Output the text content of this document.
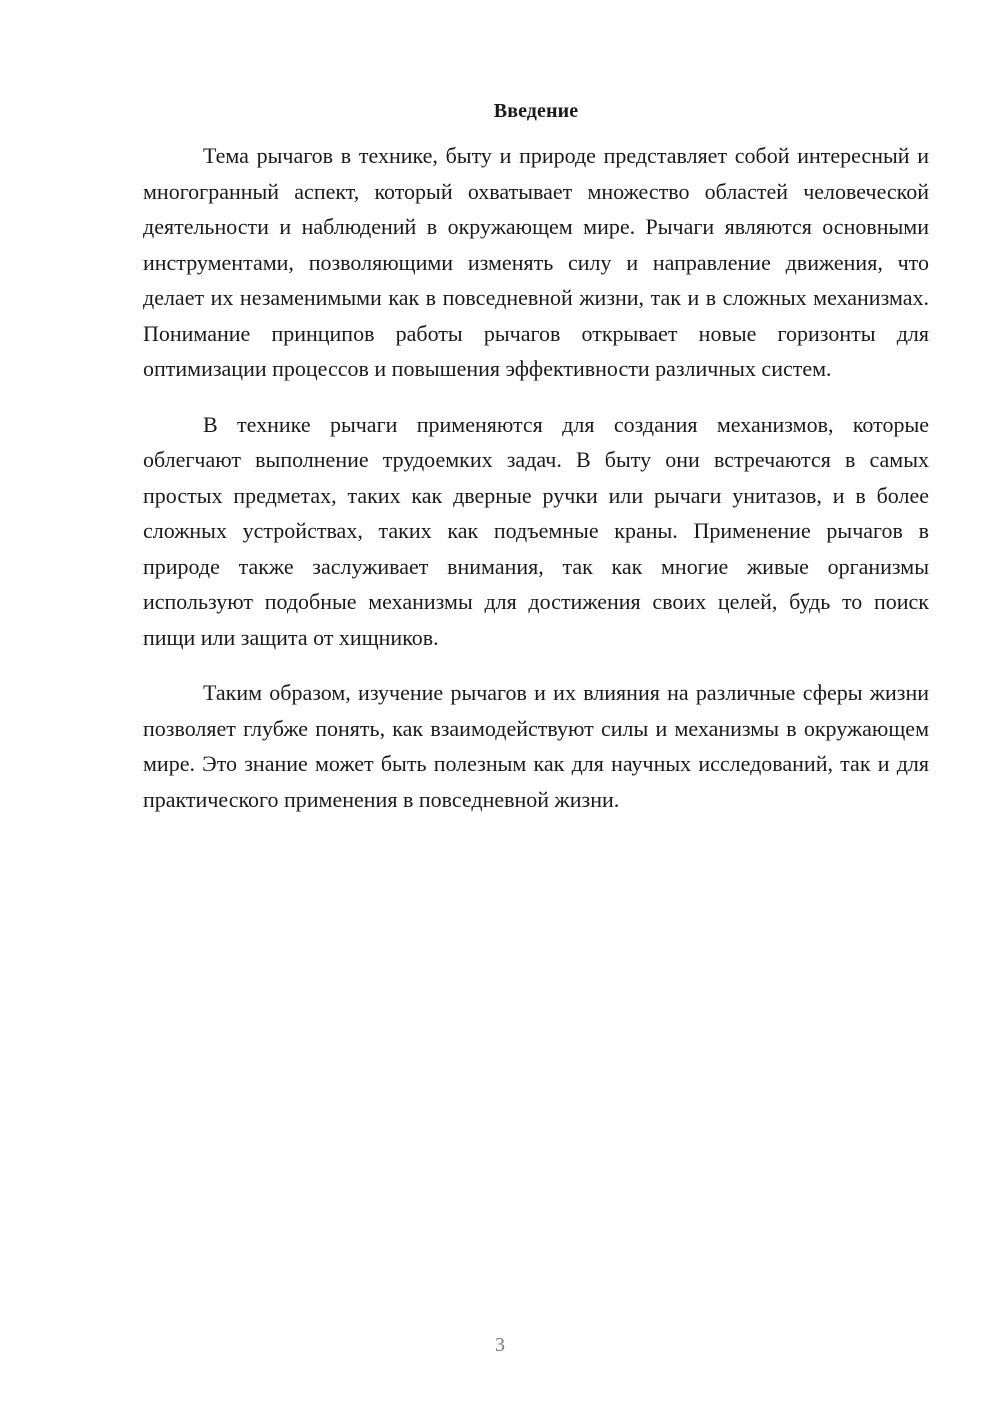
Введение

Тема рычагов в технике, быту и природе представляет собой интересный и многогранный аспект, который охватывает множество областей человеческой деятельности и наблюдений в окружающем мире. Рычаги являются основными инструментами, позволяющими изменять силу и направление движения, что делает их незаменимыми как в повседневной жизни, так и в сложных механизмах. Понимание принципов работы рычагов открывает новые горизонты для оптимизации процессов и повышения эффективности различных систем.

В технике рычаги применяются для создания механизмов, которые облегчают выполнение трудоемких задач. В быту они встречаются в самых простых предметах, таких как дверные ручки или рычаги унитазов, и в более сложных устройствах, таких как подъемные краны. Применение рычагов в природе также заслуживает внимания, так как многие живые организмы используют подобные механизмы для достижения своих целей, будь то поиск пищи или защита от хищников.

Таким образом, изучение рычагов и их влияния на различные сферы жизни позволяет глубже понять, как взаимодействуют силы и механизмы в окружающем мире. Это знание может быть полезным как для научных исследований, так и для практического применения в повседневной жизни.

3
